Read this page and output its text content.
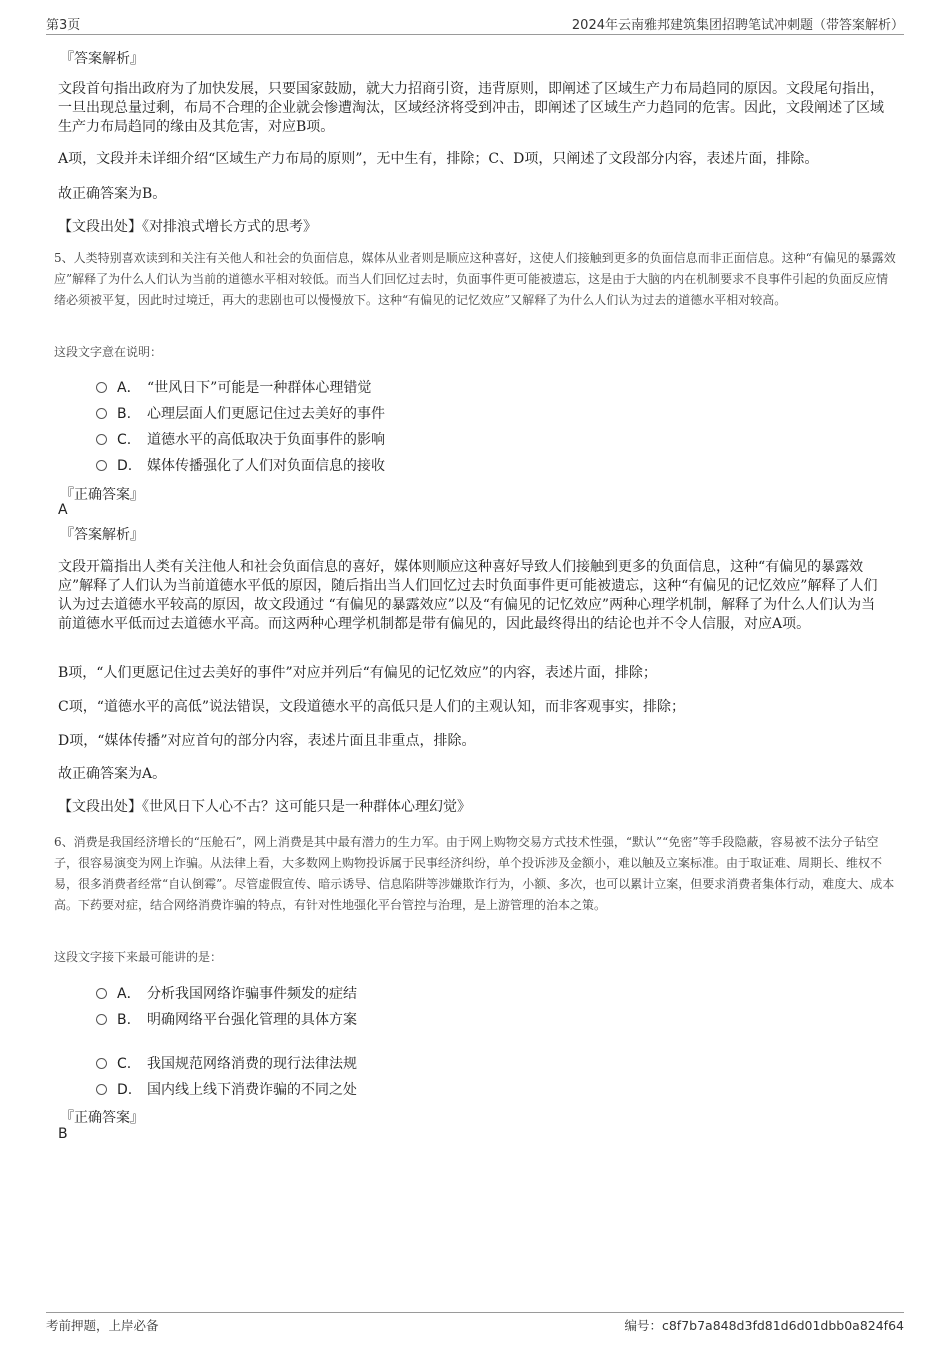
第3页	2024年云南雅邦建筑集团招聘笔试冲刺题（带答案解析）
『答案解析』
文段首句指出政府为了加快发展，只要国家鼓励，就大力招商引资，违背原则，即阐述了区域生产力布局趋同的原因。文段尾句指出，一旦出现总量过剩，布局不合理的企业就会惨遭淘汰，区域经济将受到冲击，即阐述了区域生产力趋同的危害。因此，文段阐述了区域生产力布局趋同的缘由及其危害，对应B项。
A项，文段并未详细介绍“区域生产力布局的原则”，无中生有，排除；C、D项，只阐述了文段部分内容，表述片面，排除。
故正确答案为B。
【文段出处】《对排浪式增长方式的思考》
5、人类特别喜欢读到和关注有关他人和社会的负面信息，媒体从业者则是顺应这种喜好，这使人们接触到更多的负面信息而非正面信息。这种“有偏见的暴露效应”解释了为什么人们认为当前的道德水平相对较低。而当人们回忆过去时，负面事件更可能被遗忘，这是由于大脑的内在机制要求不良事件引起的负面反应情绪必须被平复，因此时过境迁，再大的悲剧也可以慢慢放下。这种“有偏见的记忆效应”又解释了为什么人们认为过去的道德水平相对较高。
这段文字意在说明：
A． “世风日下”可能是一种群体心理错觉
B. 心理层面人们更愿记住过去美好的事件
C. 道德水平的高低取决于负面事件的影响
D. 媒体传播强化了人们对负面信息的接收
『正确答案』
A
『答案解析』
文段开篇指出人类有关注他人和社会负面信息的喜好，媒体则顺应这种喜好导致人们接触到更多的负面信息，这种“有偏见的暴露效应”解释了人们认为当前道德水平低的原因，随后指出当人们回忆过去时负面事件更可能被遗忘，这种“有偏见的记忆效应”解释了人们认为过去道德水平较高的原因，故文段通过 “有偏见的暴露效应”以及“有偏见的记忆效应”两种心理学机制，解释了为什么人们认为当前道德水平低而过去道德水平高。而这两种心理学机制都是带有偏见的，因此最终得出的结论也并不令人信服，对应A项。
B项，“人们更愿记住过去美好的事件”对应并列后“有偏见的记忆效应”的内容，表述片面，排除；
C项，“道德水平的高低”说法错误，文段道德水平的高低只是人们的主观认知，而非客观事实，排除；
D项，“媒体传播”对应首句的部分内容，表述片面且非重点，排除。
故正确答案为A。
【文段出处】《世风日下人心不古？这可能只是一种群体心理幻觉》
6、消费是我国经济增长的“压舱石”，网上消费是其中最有潜力的生力军。由于网上购物交易方式技术性强，“默认”“免密”等手段隐蔽，容易被不法分子钻空子，很容易演变为网上诈骗。从法律上看，大多数网上购物投诉属于民事经济纠纷，单个投诉涉及金额小，难以触及立案标准。由于取证难、周期长、维权不易，很多消费者经常“自认倒霉”。尽管虚假宣传、暗示诱导、信息陷阱等涉嫌欺诈行为，小额、多次，也可以累计立案，但要求消费者集体行动，难度大、成本高。下药要对症，结合网络消费诈骗的特点，有针对性地强化平台管控与治理，是上游管理的治本之策。
这段文字接下来最可能讲的是：
A． 分析我国网络诈骗事件频发的症结
B. 明确网络平台强化管理的具体方案
C. 我国规范网络消费的现行法律法规
D. 国内线上线下消费诈骗的不同之处
『正确答案』
B
考前押题，上岸必备	编号：c8f7b7a848d3fd81d6d01dbb0a824f64
